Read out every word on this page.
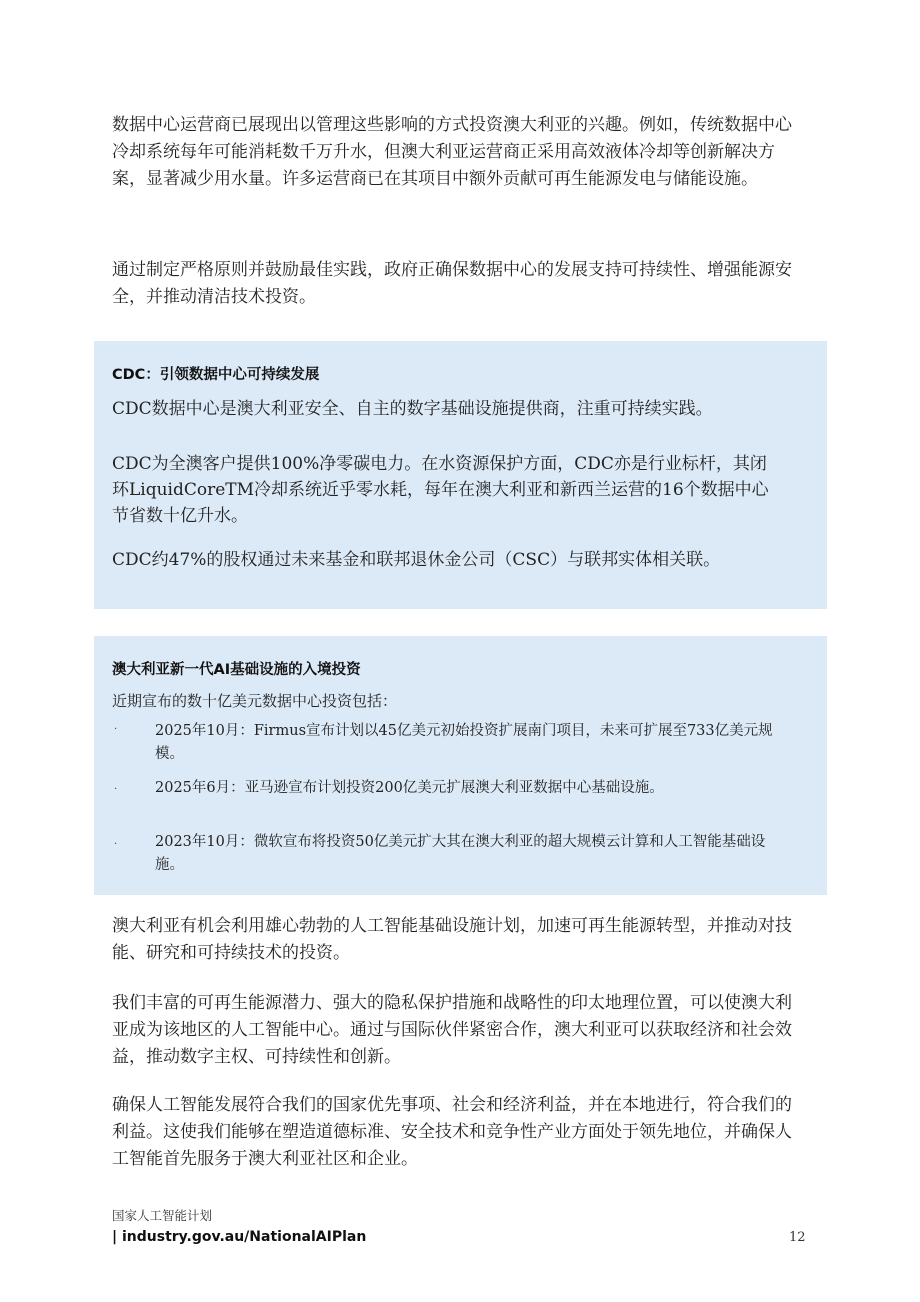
数据中心运营商已展现出以管理这些影响的方式投资澳大利亚的兴趣。例如，传统数据中心冷却系统每年可能消耗数千万升水，但澳大利亚运营商正采用高效液体冷却等创新解决方案，显著减少用水量。许多运营商已在其项目中额外贡献可再生能源发电与储能设施。

通过制定严格原则并鼓励最佳实践，政府正确保数据中心的发展支持可持续性、增强能源安全，并推动清洁技术投资。

CDC：引领数据中心可持续发展

CDC数据中心是澳大利亚安全、自主的数字基础设施提供商，注重可持续实践。

CDC为全澳客户提供100%净零碳电力。在水资源保护方面，CDC亦是行业标杆，其闭环LiquidCoreTM冷却系统近乎零水耗，每年在澳大利亚和新西兰运营的16个数据中心节省数十亿升水。

CDC约47%的股权通过未来基金和联邦退休金公司（CSC）与联邦实体相关联。

澳大利亚新一代AI基础设施的入境投资

近期宣布的数十亿美元数据中心投资包括：

·	2025年10月：Firmus宣布计划以45亿美元初始投资扩展南门项目，未来可扩展至733亿美元规模。

·	2025年6月：亚马逊宣布计划投资200亿美元扩展澳大利亚数据中心基础设施。

·	2023年10月：微软宣布将投资50亿美元扩大其在澳大利亚的超大规模云计算和人工智能基础设施。

澳大利亚有机会利用雄心勃勃的人工智能基础设施计划，加速可再生能源转型，并推动对技能、研究和可持续技术的投资。

我们丰富的可再生能源潜力、强大的隐私保护措施和战略性的印太地理位置，可以使澳大利亚成为该地区的人工智能中心。通过与国际伙伴紧密合作，澳大利亚可以获取经济和社会效益，推动数字主权、可持续性和创新。

确保人工智能发展符合我们的国家优先事项、社会和经济利益，并在本地进行，符合我们的利益。这使我们能够在塑造道德标准、安全技术和竞争性产业方面处于领先地位，并确保人工智能首先服务于澳大利亚社区和企业。

国家人工智能计划
| industry.gov.au/NationalAIPlan	12
